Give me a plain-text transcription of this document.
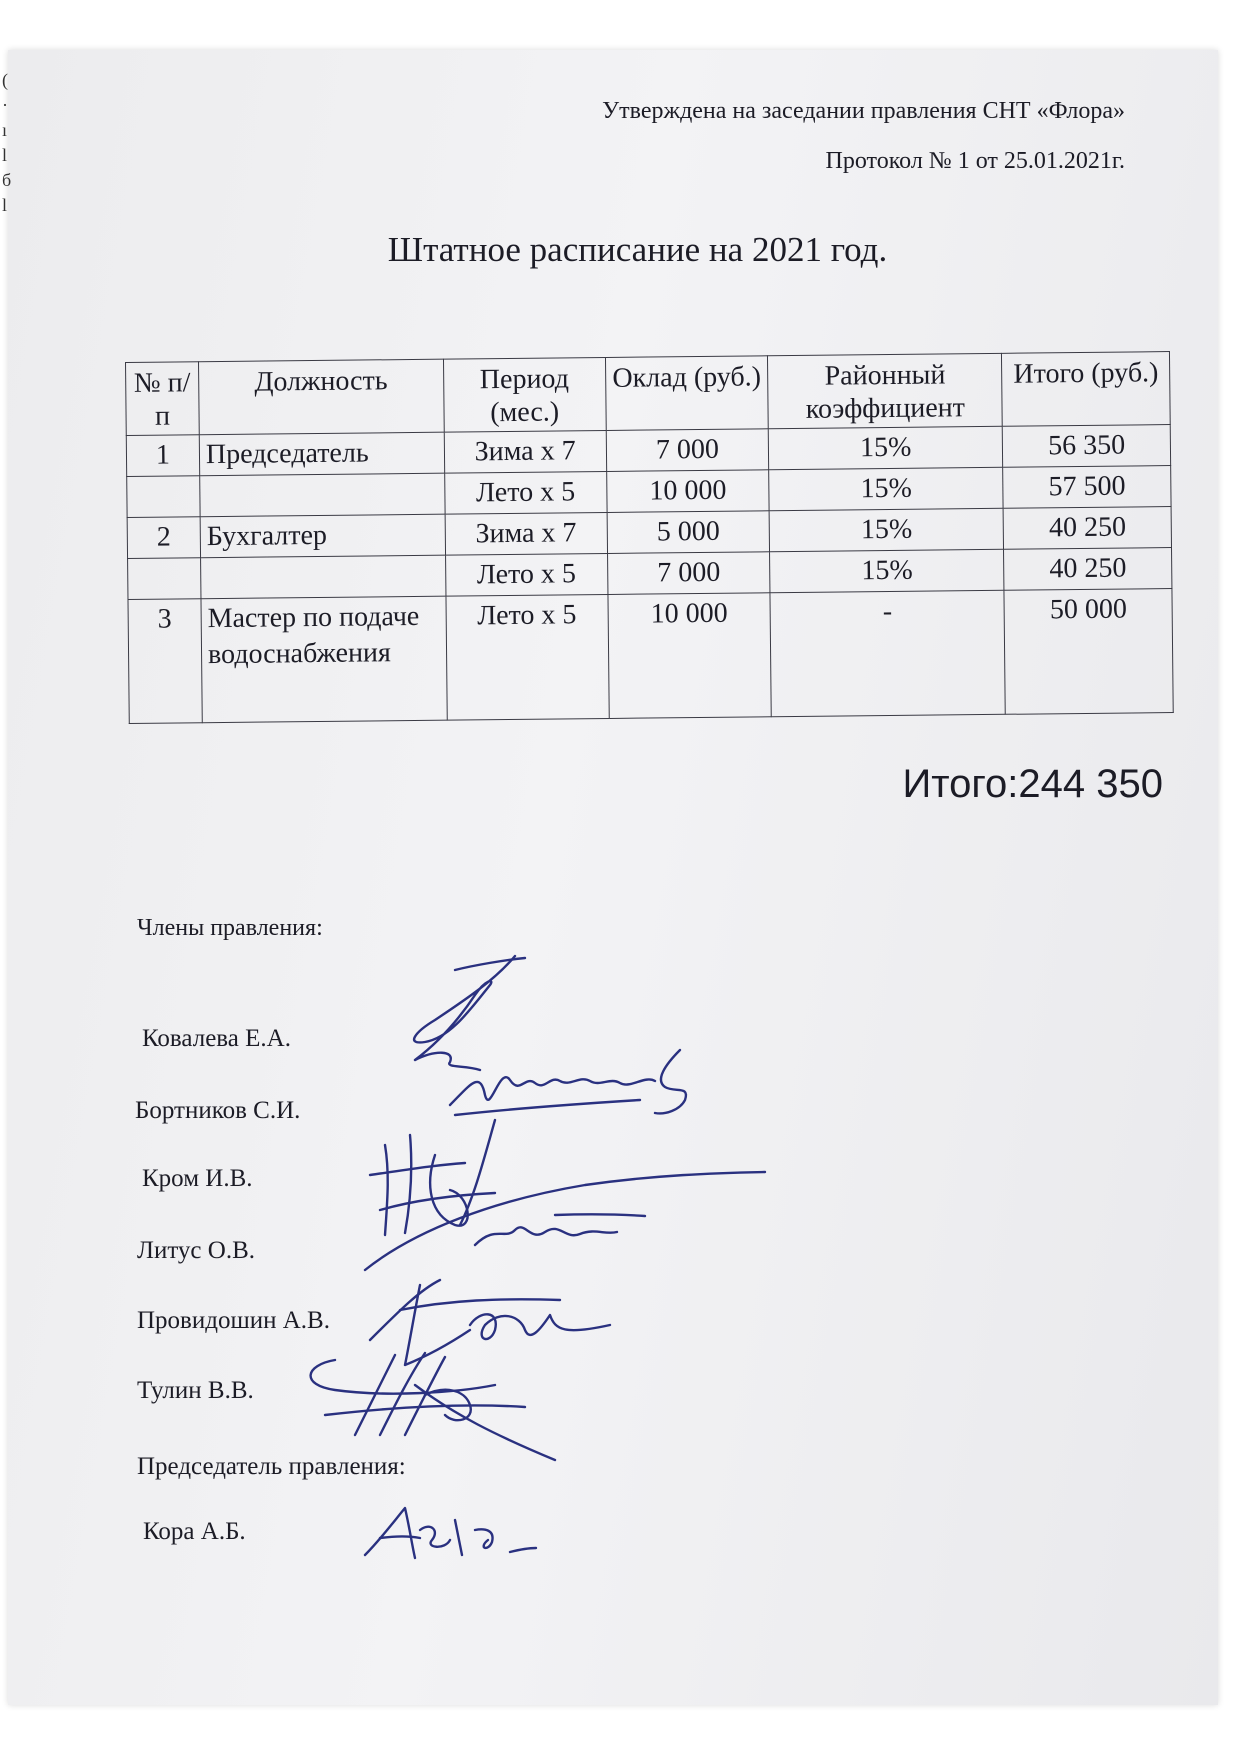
(
·
ı
l
б
l
Утверждена на заседании правления СНТ «Флора»
Протокол № 1 от 25.01.2021г.
Штатное расписание на 2021 год.
№ п/п	Должность	Период (мес.)	Оклад (руб.)	Районный коэффициент	Итого (руб.)
1	Председатель	Зима х 7	7 000	15%	56 350
		Лето х 5	10 000	15%	57 500
2	Бухгалтер	Зима х 7	5 000	15%	40 250
		Лето х 5	7 000	15%	40 250
3	Мастер по подаче водоснабжения	Лето х 5	10 000	-	50 000
Итого:244 350
Члены правления:
Ковалева Е.А.
Бортников С.И.
Кром И.В.
Литус О.В.
Провидошин А.В.
Тулин В.В.
Председатель правления:
Кора А.Б.
